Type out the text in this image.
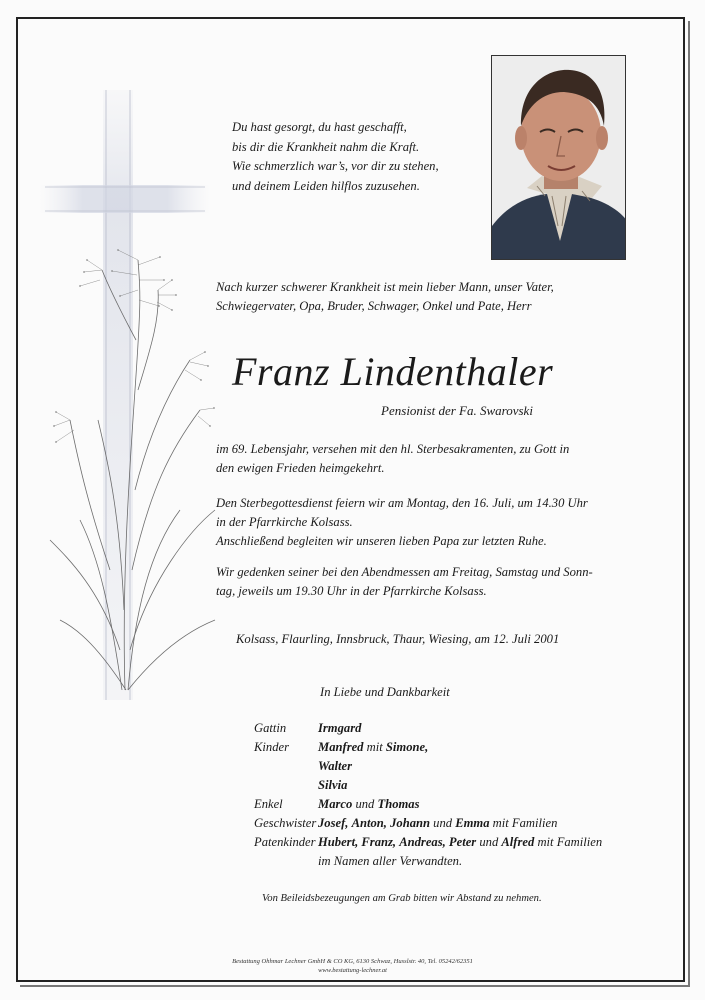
Du hast gesorgt, du hast geschafft,
bis dir die Krankheit nahm die Kraft.
Wie schmerzlich war’s, vor dir zu stehen,
und deinem Leiden hilflos zuzusehen.
Nach kurzer schwerer Krankheit ist mein lieber Mann, unser Vater,
Schwiegervater, Opa, Bruder, Schwager, Onkel und Pate, Herr
Franz Lindenthaler
Pensionist der Fa. Swarovski
im 69. Lebensjahr, versehen mit den hl. Sterbesakramenten, zu Gott in
den ewigen Frieden heimgekehrt.
Den Sterbegottesdienst feiern wir am Montag, den 16. Juli, um 14.30 Uhr
in der Pfarrkirche Kolsass.
Anschließend begleiten wir unseren lieben Papa zur letzten Ruhe.
Wir gedenken seiner bei den Abendmessen am Freitag, Samstag und Sonn-
tag, jeweils um 19.30 Uhr in der Pfarrkirche Kolsass.
Kolsass, Flaurling, Innsbruck, Thaur, Wiesing, am 12. Juli 2001
In Liebe und Dankbarkeit
Gattin	Irmgard
Kinder	Manfred mit Simone,
Walter
Silvia
Enkel	Marco und Thomas
Geschwister Josef, Anton, Johann und Emma mit Familien
Patenkinder Hubert, Franz, Andreas, Peter und Alfred mit Familien
im Namen aller Verwandten.
Von Beileidsbezeugungen am Grab bitten wir Abstand zu nehmen.
Bestattung Ohhmar Lechner GmbH & CO KG, 6130 Schwaz, Husslstr. 40, Tel. 05242/62351
www.bestattung-lechner.at
